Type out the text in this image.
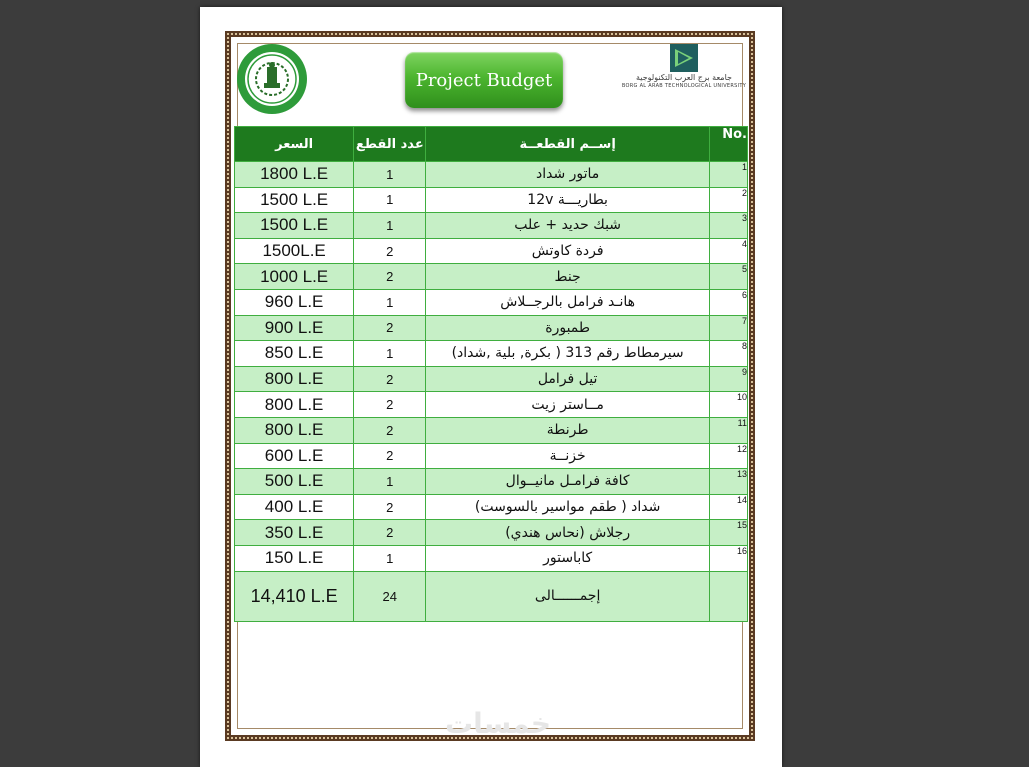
جامعة برج العرب التكنولوجية
BORG AL ARAB TECHNOLOGICAL UNIVERSITY
Project Budget
السعر	عدد القطع	إســم القطعــة	No.
1800 L.E	1	ماتور شداد	1
1500 L.E	1	بطاريـــة 12v	2
1500 L.E	1	شبك حديد + علب	3
1500L.E	2	فردة كاوتش	4
1000 L.E	2	جنط	5
960 L.E	1	هانـد فرامل بالرجــلاش	6
900 L.E	2	طمبورة	7
850 L.E	1	سيرمطاط رقم 313 ( بكرة, بلية ,شداد)	8
800 L.E	2	تيل فرامل	9
800 L.E	2	مــاستر زيت	10
800 L.E	2	طرنطة	11
600 L.E	2	خزنــة	12
500 L.E	1	كافة فرامـل مانيــوال	13
400 L.E	2	شداد ( طقم مواسير بالسوست)	14
350 L.E	2	رجلاش (نحاس هندي)	15
150 L.E	1	كاباستور	16
14,410 L.E	24	إجمــــــالى	
خمسات
